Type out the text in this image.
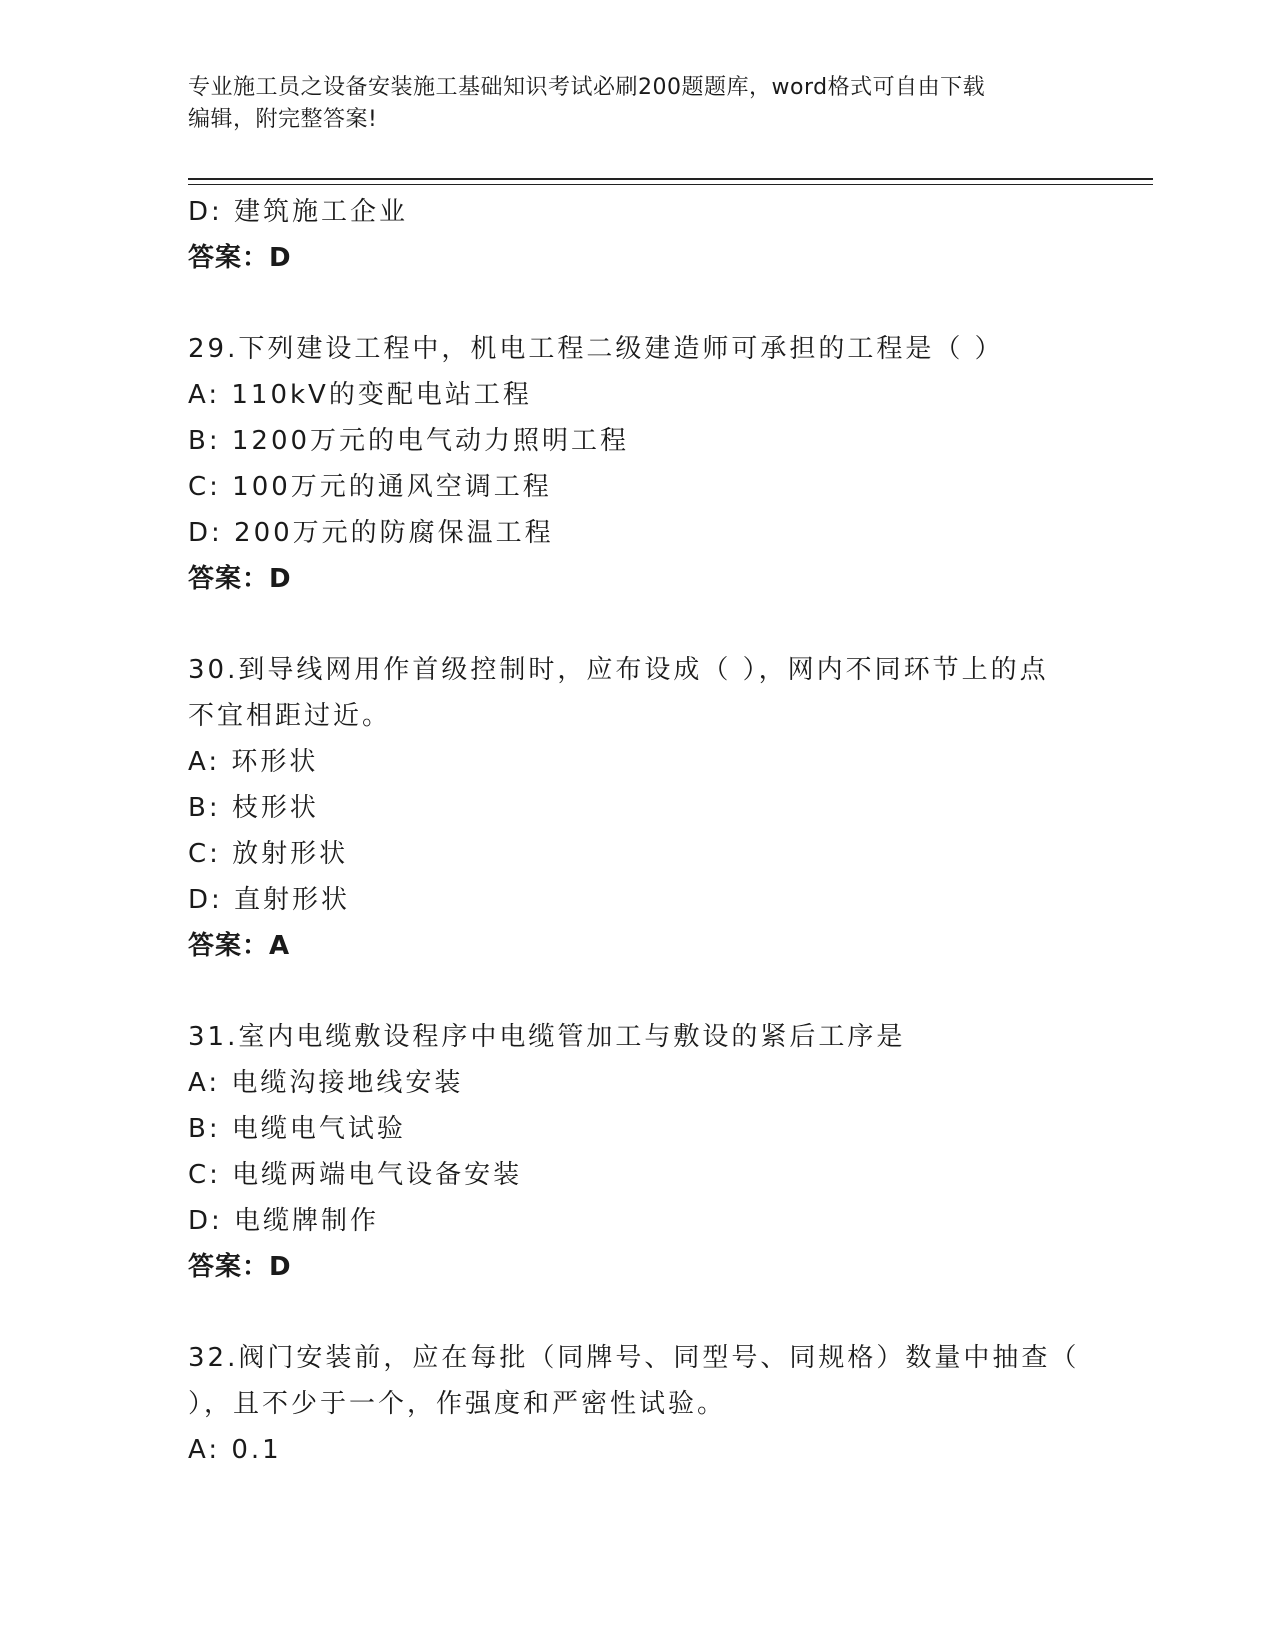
专业施工员之设备安装施工基础知识考试必刷200题题库，word格式可自由下载
编辑，附完整答案!
D: 建筑施工企业
答案：D
29.下列建设工程中，机电工程二级建造师可承担的工程是（ ）
A: 110kV的变配电站工程
B: 1200万元的电气动力照明工程
C: 100万元的通风空调工程
D: 200万元的防腐保温工程
答案：D
30.到导线网用作首级控制时，应布设成（ ），网内不同环节上的点
不宜相距过近。
A: 环形状
B: 枝形状
C: 放射形状
D: 直射形状
答案：A
31.室内电缆敷设程序中电缆管加工与敷设的紧后工序是
A: 电缆沟接地线安装
B: 电缆电气试验
C: 电缆两端电气设备安装
D: 电缆牌制作
答案：D
32.阀门安装前，应在每批（同牌号、同型号、同规格）数量中抽查（
），且不少于一个，作强度和严密性试验。
A: 0.1
